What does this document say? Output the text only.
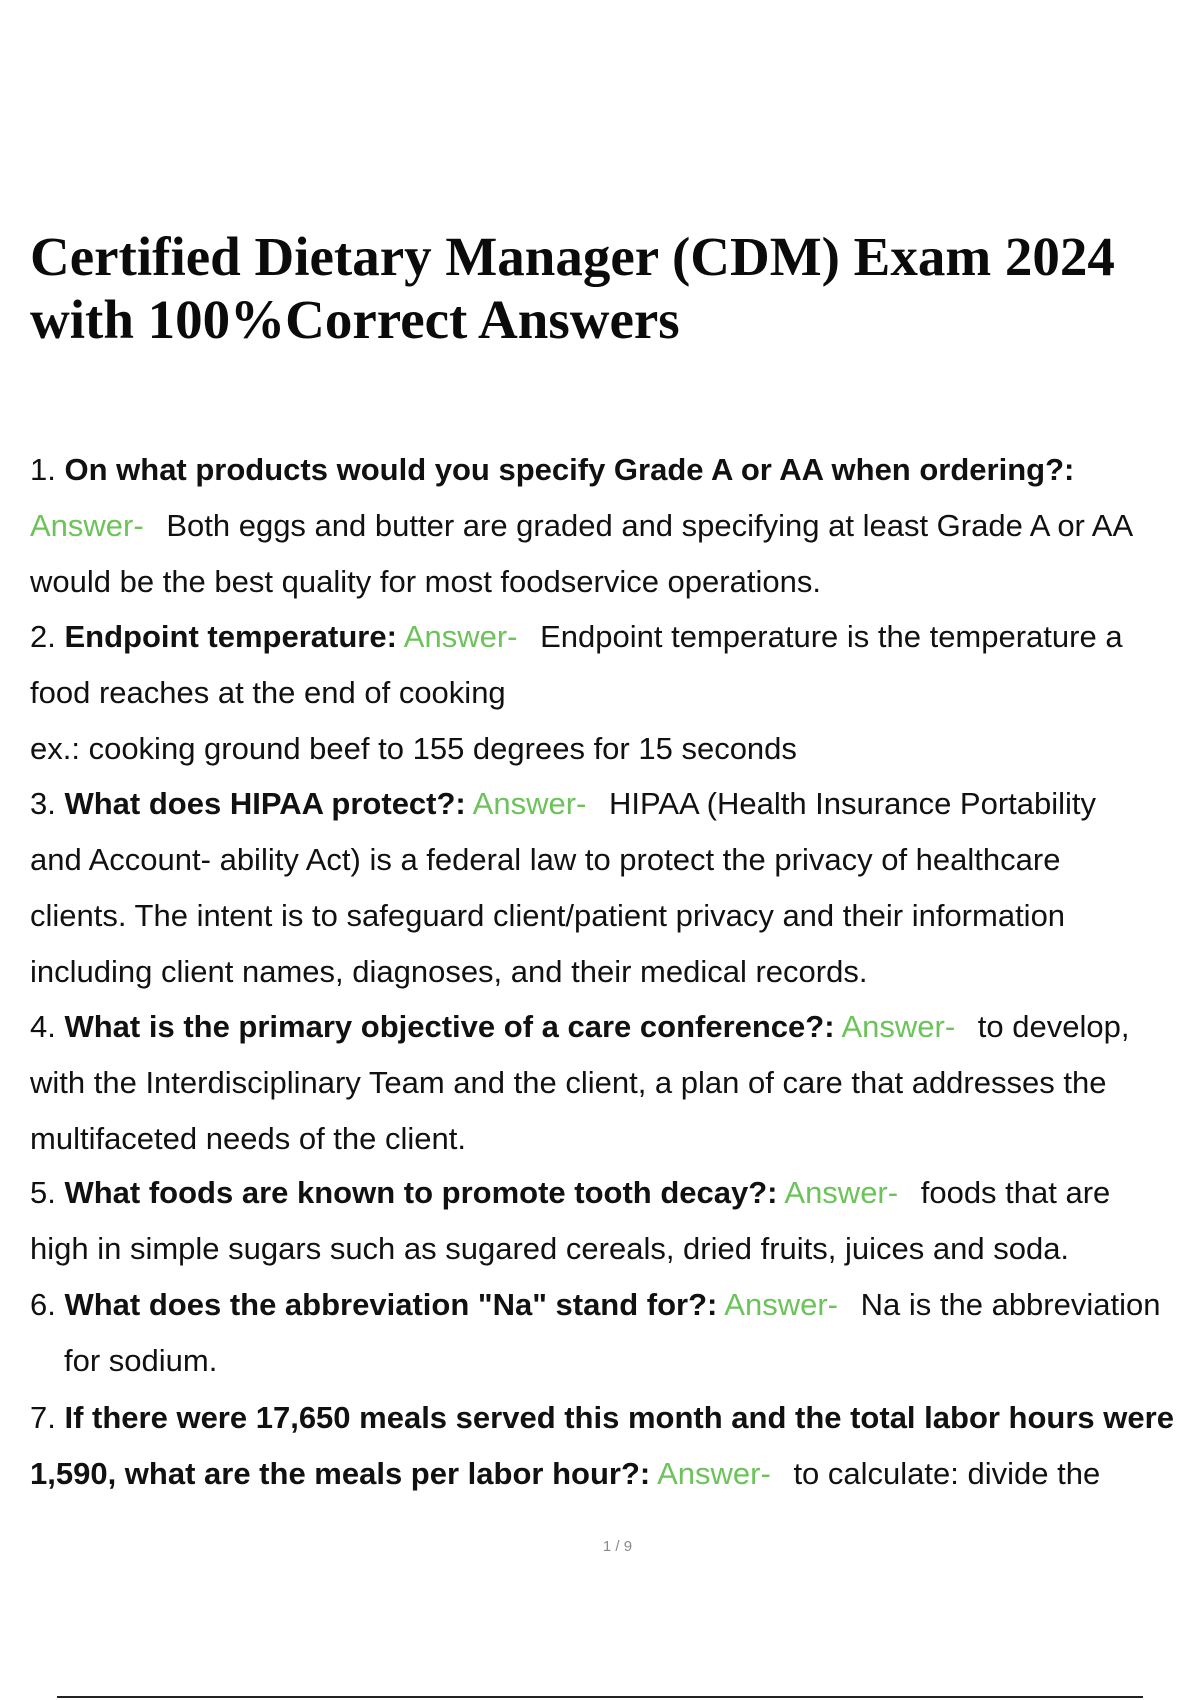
Certified Dietary Manager (CDM) Exam 2024
with 100%Correct Answers
1. On what products would you specify Grade A or AA when ordering?:
Answer- Both eggs and butter are graded and specifying at least Grade A or AA
would be the best quality for most foodservice operations.
2. Endpoint temperature: Answer- Endpoint temperature is the temperature a
food reaches at the end of cooking
ex.: cooking ground beef to 155 degrees for 15 seconds
3. What does HIPAA protect?: Answer- HIPAA (Health Insurance Portability
and Account- ability Act) is a federal law to protect the privacy of healthcare
clients. The intent is to safeguard client/patient privacy and their information
including client names, diagnoses, and their medical records.
4. What is the primary objective of a care conference?: Answer- to develop,
with the Interdisciplinary Team and the client, a plan of care that addresses the
multifaceted needs of the client.
5. What foods are known to promote tooth decay?: Answer- foods that are
high in simple sugars such as sugared cereals, dried fruits, juices and soda.
6. What does the abbreviation "Na" stand for?: Answer- Na is the abbreviation
for sodium.
7. If there were 17,650 meals served this month and the total labor hours were
1,590, what are the meals per labor hour?: Answer- to calculate: divide the
1 / 9
